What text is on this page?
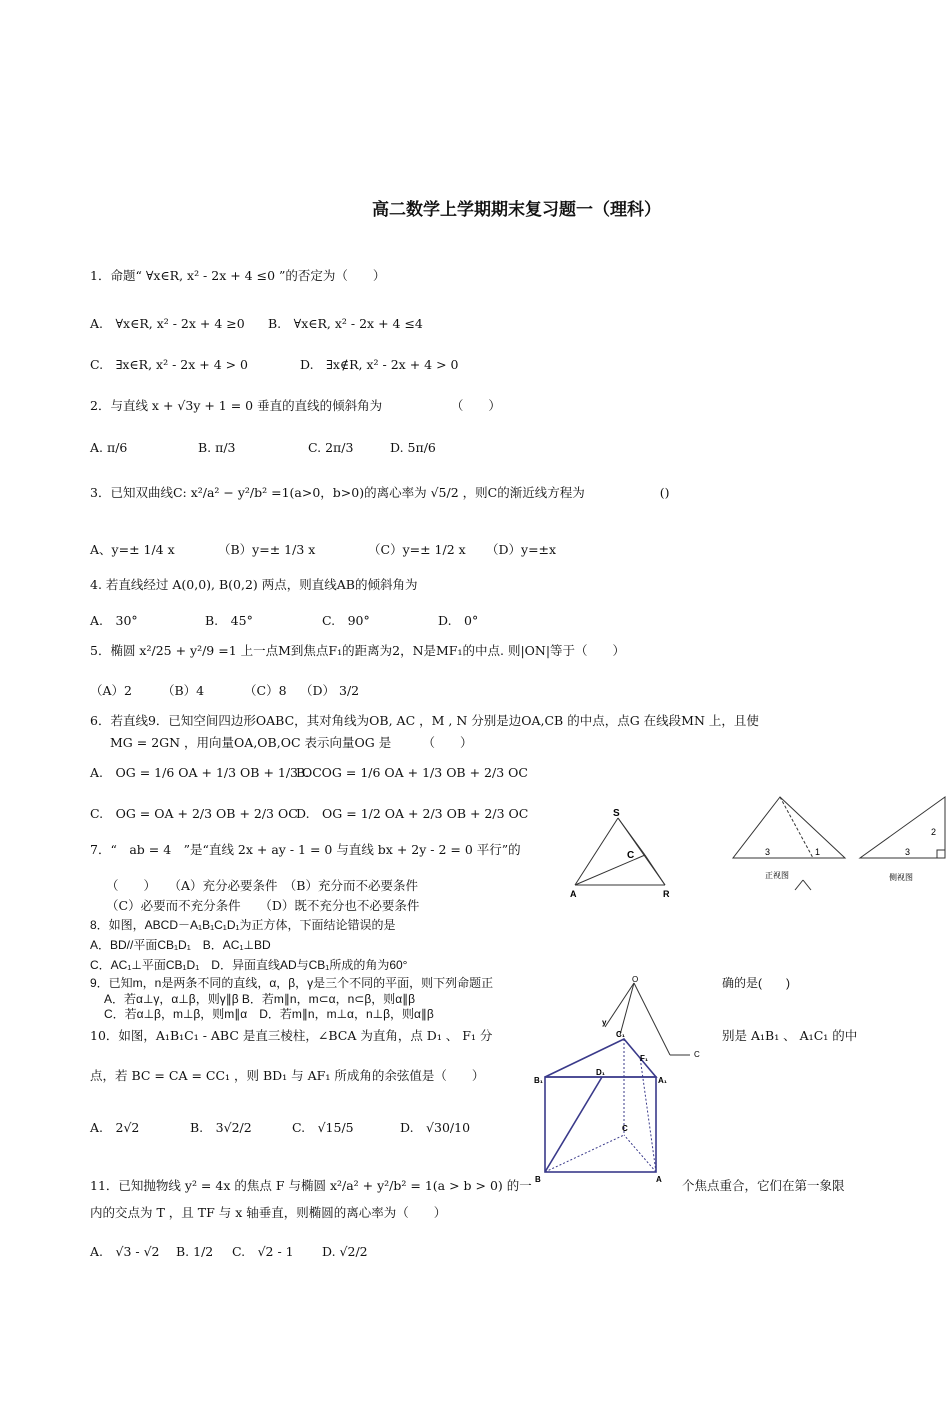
高二数学上学期期末复习题一（理科）
1．命题“ ∀x∈R, x² - 2x + 4 ≤0 ”的否定为（　　）
A.　∀x∈R, x² - 2x + 4 ≥0 B.　∀x∈R, x² - 2x + 4 ≤4
C.　∃x∈R, x² - 2x + 4 > 0	D.　∃x∉R, x² - 2x + 4 > 0
2．与直线 x + √3y + 1 = 0 垂直的直线的倾斜角为　　　　　　（　　）
A. π/6	B. π/3	C. 2π/3	D. 5π/6
3．已知双曲线C: x²/a² − y²/b² =1(a>0，b>0)的离心率为 √5/2 ，则C的渐近线方程为　　　　　　()
A、y=± 1/4 x	（B）y=± 1/3 x	（C）y=± 1/2 x （D）y=±x
4. 若直线经过 A(0,0), B(0,2) 两点，则直线AB的倾斜角为
A.　30°	B.　45°	C.　90°	D.　0°
5．椭圆 x²/25 + y²/9 =1 上一点M到焦点F₁的距离为2，N是MF₁的中点. 则|ON|等于（　　）
（A）2 （B）4	（C）8 （D） 3/2
6．若直线9．已知空间四边形OABC，其对角线为OB, AC ，M , N 分别是边OA,CB 的中点，点G 在线段MN 上，且使
MG = 2GN ，用向量OA,OB,OC 表示向量OG 是　　　（　　）
A.　OG = 1/6 OA + 1/3 OB + 1/3 OC
B.　OG = 1/6 OA + 1/3 OB + 2/3 OC
C.　OG = OA + 2/3 OB + 2/3 OC
D.　OG = 1/2 OA + 2/3 OB + 2/3 OC
7．“　ab = 4　”是“直线 2x + ay - 1 = 0 与直线 bx + 2y - 2 = 0 平行”的
（　　）　　（A）充分必要条件　（B）充分而不必要条件
（C）必要而不充分条件　　（D）既不充分也不必要条件
8．如图，ABCD－A₁B₁C₁D₁为正方体，下面结论错误的是
A．BD//平面CB₁D₁　B．AC₁⊥BD
C．AC₁⊥平面CB₁D₁　D．异面直线AD与CB₁所成的角为60°
9．已知m，n是两条不同的直线，α，β，γ是三个不同的平面，则下列命题正	确的是(　　)
A．若α⊥γ，α⊥β，则γ∥β B．若m∥n，m⊂α，n⊂β，则α∥β
C．若α⊥β，m⊥β，则m∥α　D．若m∥n，m⊥α，n⊥β，则α∥β
10．如图，A₁B₁C₁ - ABC 是直三棱柱，∠BCA 为直角，点 D₁ 、 F₁ 分	别是 A₁B₁ 、 A₁C₁ 的中
点，若 BC = CA = CC₁ ，则 BD₁ 与 AF₁ 所成角的余弦值是（　　）
A.　2√2	B.　3√2/2	C.　√15/5	D.　√30/10
11．已知抛物线 y² = 4x 的焦点 F 与椭圆 x²/a² + y²/b² = 1(a > b > 0) 的一	个焦点重合，它们在第一象限
内的交点为 T ，且 TF 与 x 轴垂直，则椭圆的离心率为（　　）
A.　√3 - √2 B. 1/2 C.　√2 - 1 D. √2/2
S
C
A	R
3	1
正视图
2
3
侧视图
O
y
C₁
F₁
D₁
B₁	A₁
C
B	A
C
